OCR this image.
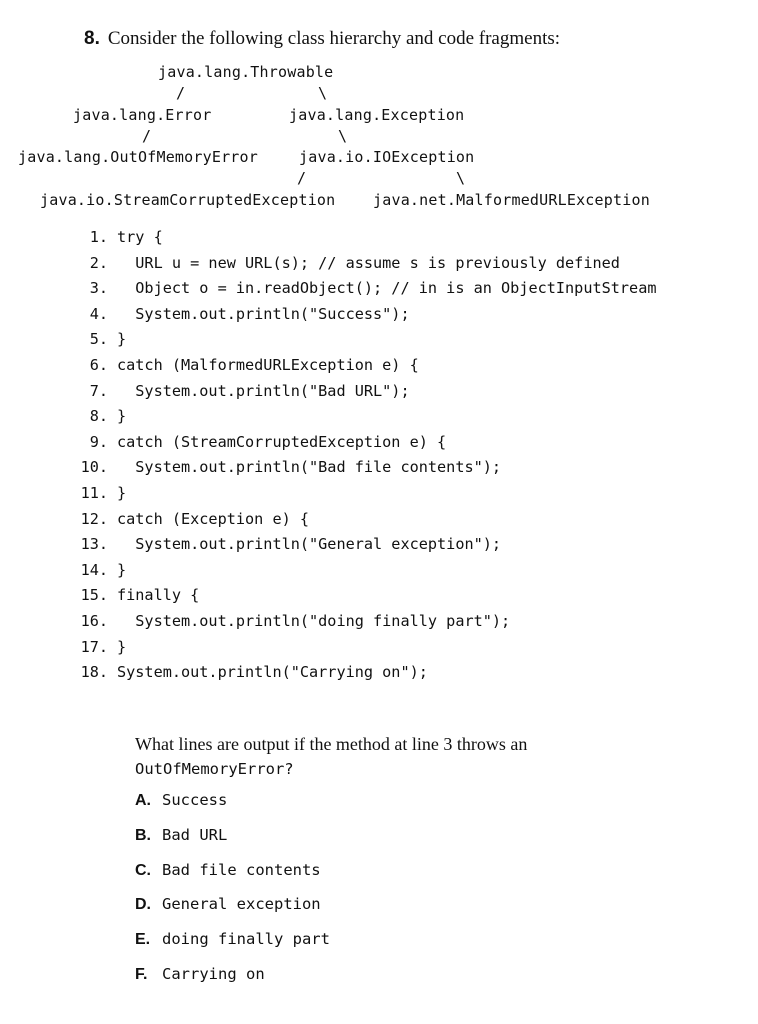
8. Consider the following class hierarchy and code fragments:
java.lang.Throwable
/	\
java.lang.Error	java.lang.Exception
/	\
java.lang.OutOfMemoryError	java.io.IOException
/	\
java.io.StreamCorruptedException	java.net.MalformedURLException
1. try {
2.  URL u = new URL(s); // assume s is previously defined
3.  Object o = in.readObject(); // in is an ObjectInputStream
4.  System.out.println("Success");
5. }
6. catch (MalformedURLException e) {
7.  System.out.println("Bad URL");
8. }
9. catch (StreamCorruptedException e) {
10.  System.out.println("Bad file contents");
11. }
12. catch (Exception e) {
13.  System.out.println("General exception");
14. }
15. finally {
16.  System.out.println("doing finally part");
17. }
18. System.out.println("Carrying on");
What lines are output if the method at line 3 throws an
OutOfMemoryError?
A. Success
B. Bad URL
C. Bad file contents
D. General exception
E. doing finally part
F. Carrying on
